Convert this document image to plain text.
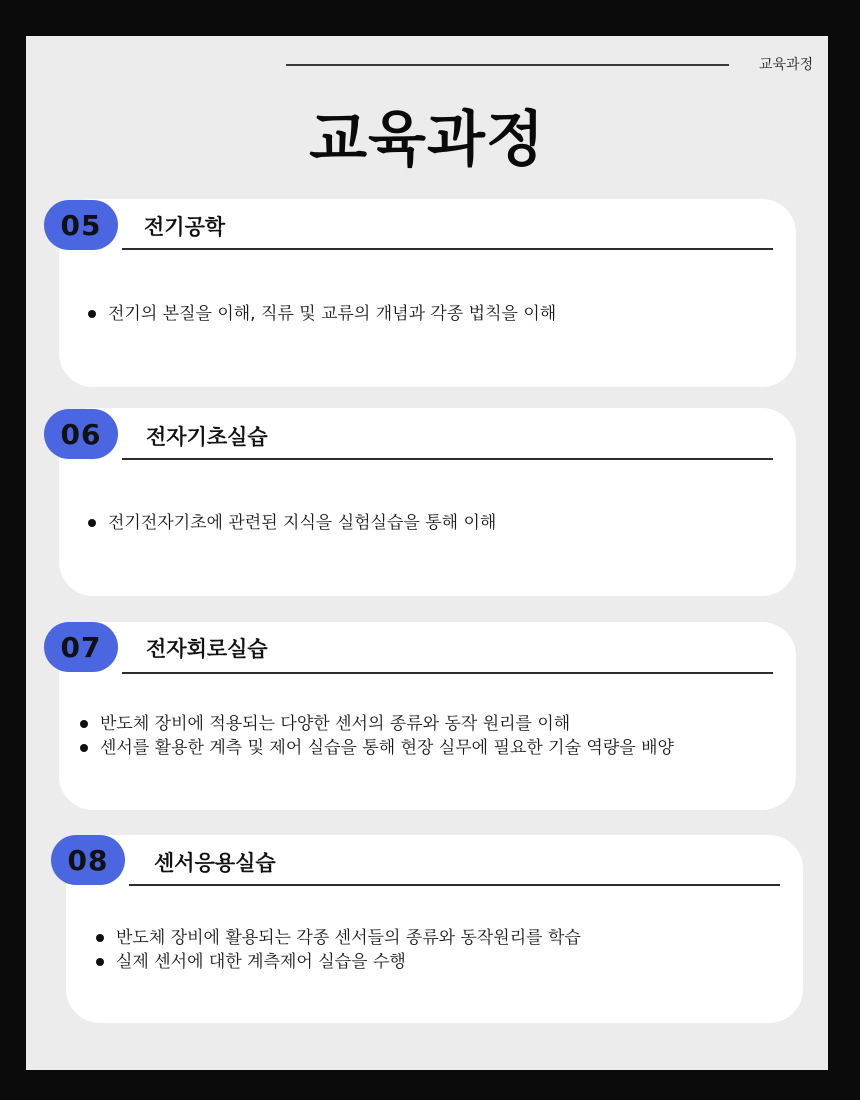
교육과정
교육과정
05	전기공학
전기의 본질을 이해, 직류 및 교류의 개념과 각종 법칙을 이해
06	전자기초실습
전기전자기초에 관련된 지식을 실험실습을 통해 이해
07	전자회로실습
반도체 장비에 적용되는 다양한 센서의 종류와 동작 원리를 이해
센서를 활용한 계측 및 제어 실습을 통해 현장 실무에 필요한 기술 역량을 배양
08	센서응용실습
반도체 장비에 활용되는 각종 센서들의 종류와 동작원리를 학습
실제 센서에 대한 계측제어 실습을 수행
